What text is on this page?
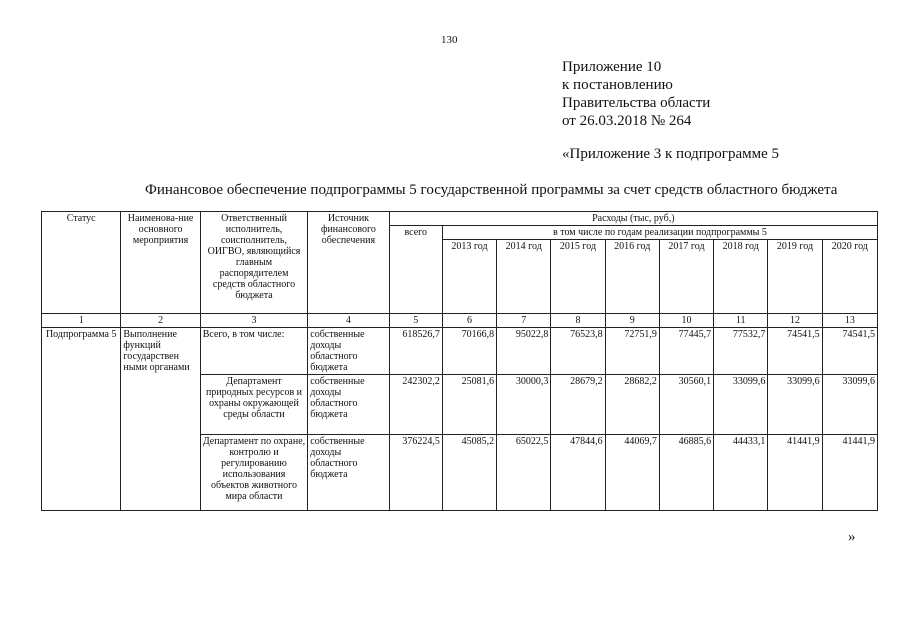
130
Приложение 10
к постановлению
Правительства области
от 26.03.2018 № 264
«Приложение 3 к подпрограмме 5
Финансовое обеспечение подпрограммы 5 государственной программы за счет средств областного бюджета
Статус	Наименова-ние основного мероприятия	Ответственный исполнитель, соисполнитель, ОИГВО, являющийся главным распорядителем средств областного бюджета	Источник финансового обеспечения	Расходы (тыс, руб,)								
				всего	в том числе по годам реализации подпрограммы 5							
					2013 год	2014 год	2015 год	2016 год	2017 год	2018 год	2019 год	2020 год
1	2	3	4	5	6	7	8	9	10	11	12	13
Подпрограмма 5	Выполнение функций государствен ными органами	Всего, в том числе:	собственные доходы областного бюджета	618526,7	70166,8	95022,8	76523,8	72751,9	77445,7	77532,7	74541,5	74541,5
		Департамент природных ресурсов и охраны окружающей среды области	собственные доходы областного бюджета	242302,2	25081,6	30000,3	28679,2	28682,2	30560,1	33099,6	33099,6	33099,6
		Департамент по охране, контролю и регулированию использования объектов животного мира области	собственные доходы областного бюджета	376224,5	45085,2	65022,5	47844,6	44069,7	46885,6	44433,1	41441,9	41441,9
»
